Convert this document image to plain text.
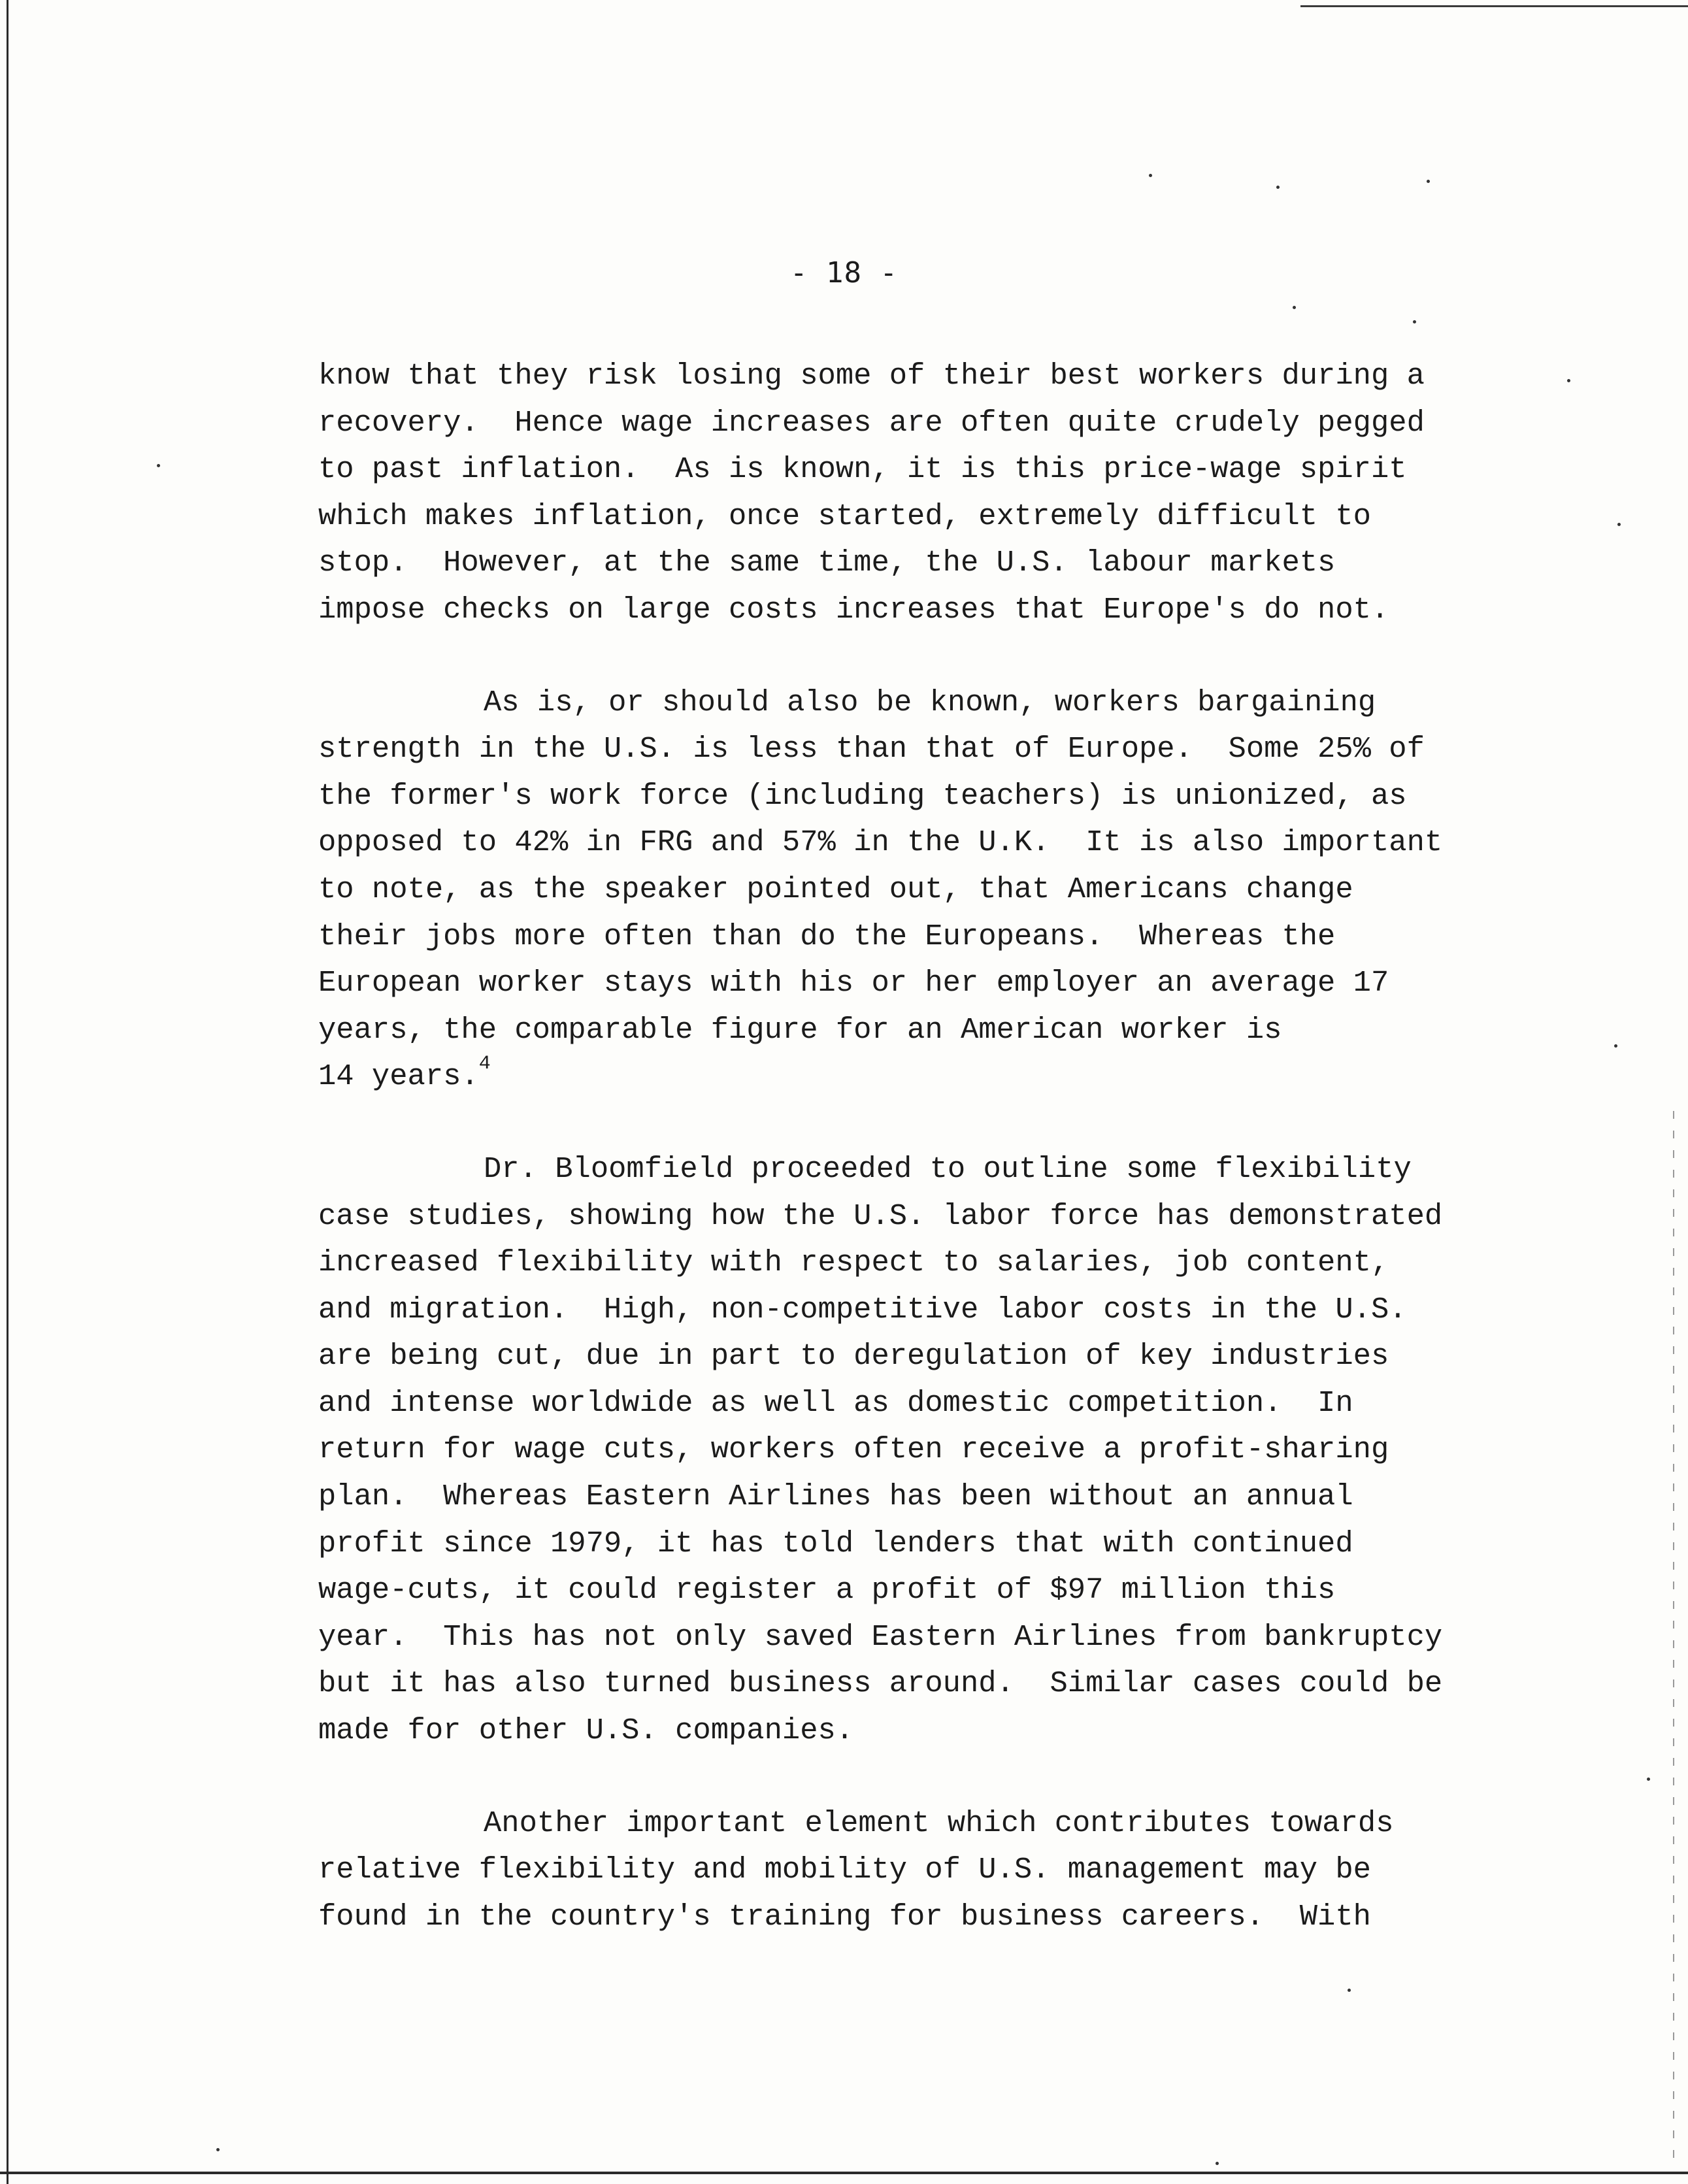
- 18 -
know that they risk losing some of their best workers during a
recovery.  Hence wage increases are often quite crudely pegged
to past inflation.  As is known, it is this price-wage spirit
which makes inflation, once started, extremely difficult to
stop.  However, at the same time, the U.S. labour markets
impose checks on large costs increases that Europe's do not.
As is, or should also be known, workers bargaining
strength in the U.S. is less than that of Europe.  Some 25% of
the former's work force (including teachers) is unionized, as
opposed to 42% in FRG and 57% in the U.K.  It is also important
to note, as the speaker pointed out, that Americans change
their jobs more often than do the Europeans.  Whereas the
European worker stays with his or her employer an average 17
years, the comparable figure for an American worker is
14 years.$^4$
Dr. Bloomfield proceeded to outline some flexibility
case studies, showing how the U.S. labor force has demonstrated
increased flexibility with respect to salaries, job content,
and migration.  High, non-competitive labor costs in the U.S.
are being cut, due in part to deregulation of key industries
and intense worldwide as well as domestic competition.  In
return for wage cuts, workers often receive a profit-sharing
plan.  Whereas Eastern Airlines has been without an annual
profit since 1979, it has told lenders that with continued
wage-cuts, it could register a profit of $97 million this
year.  This has not only saved Eastern Airlines from bankruptcy
but it has also turned business around.  Similar cases could be
made for other U.S. companies.
Another important element which contributes towards
relative flexibility and mobility of U.S. management may be
found in the country's training for business careers.  With
